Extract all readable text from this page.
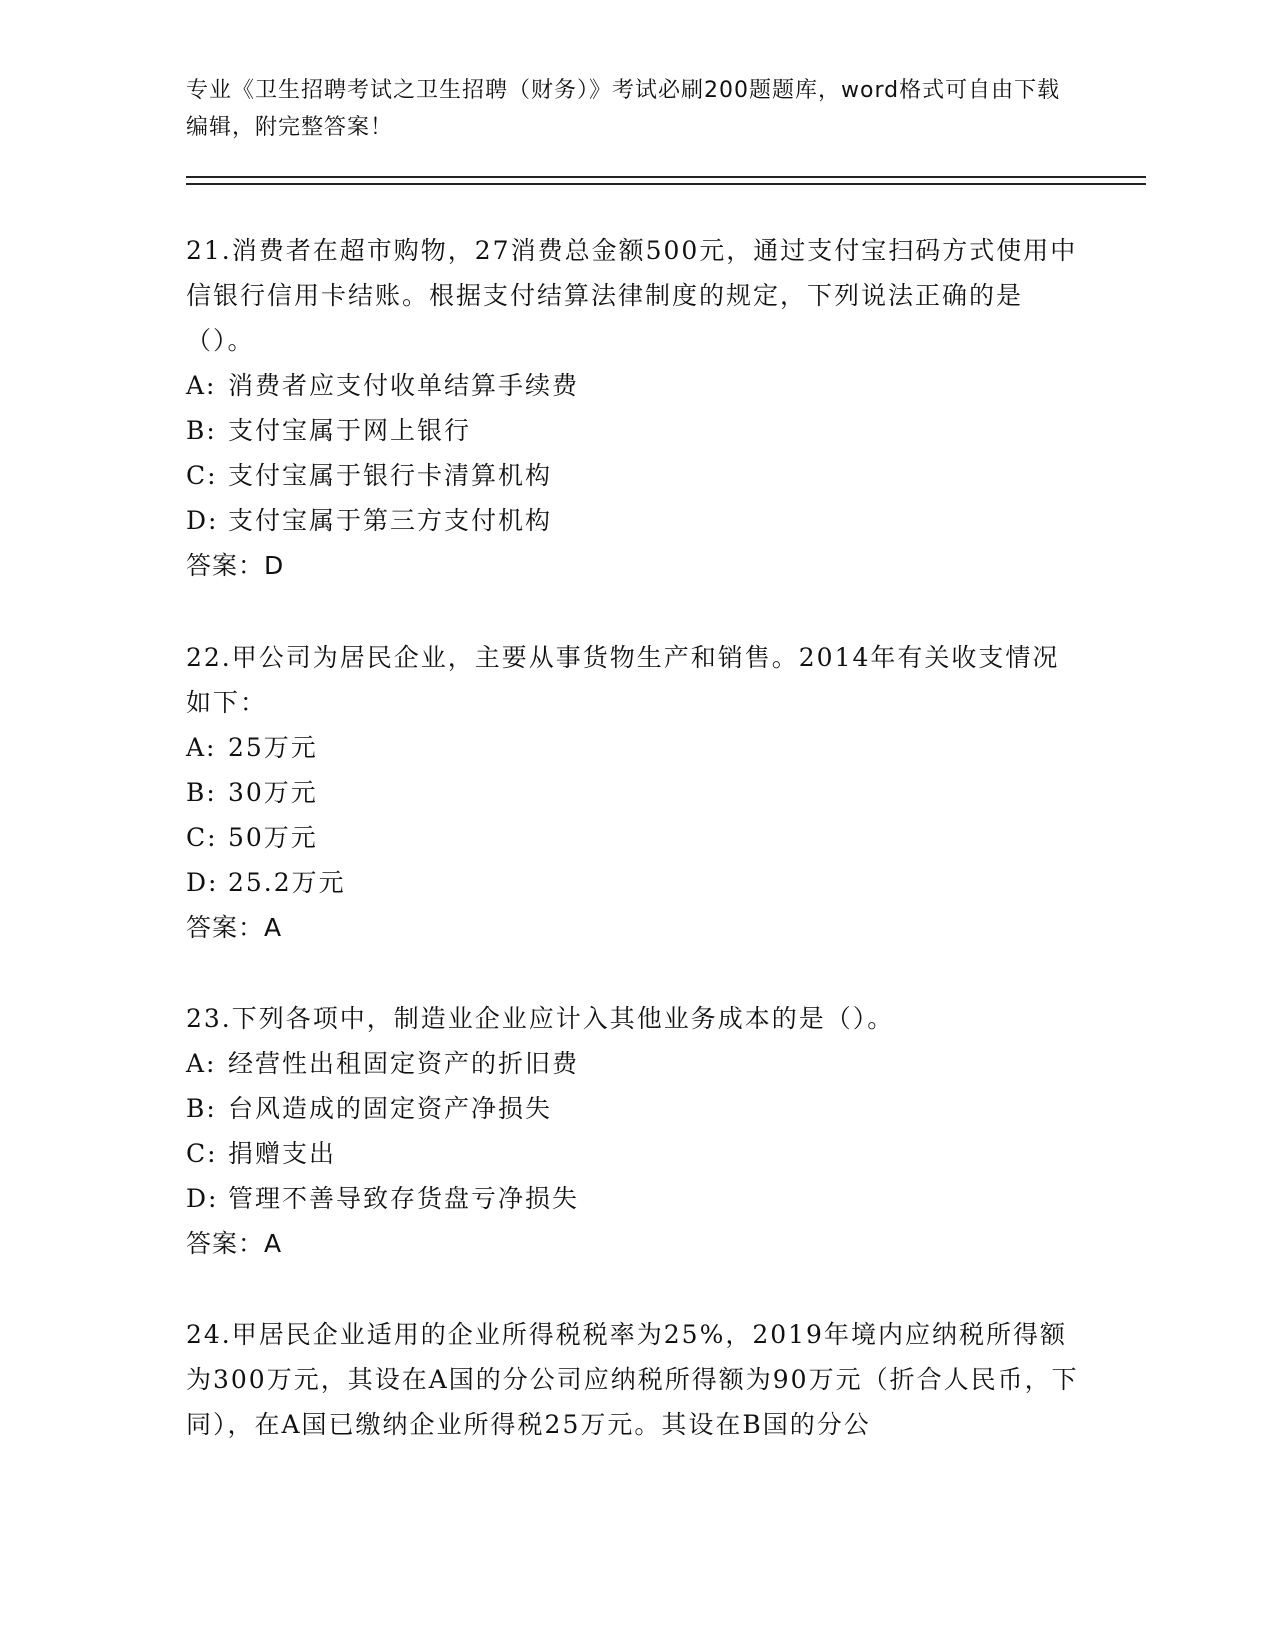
专业《卫生招聘考试之卫生招聘（财务）》考试必刷200题题库，word格式可自由下载编辑，附完整答案！
21.消费者在超市购物，27消费总金额500元，通过支付宝扫码方式使用中信银行信用卡结账。根据支付结算法律制度的规定，下列说法正确的是（）。
A: 消费者应支付收单结算手续费
B: 支付宝属于网上银行
C: 支付宝属于银行卡清算机构
D: 支付宝属于第三方支付机构
答案：D
22.甲公司为居民企业，主要从事货物生产和销售。2014年有关收支情况如下：
A: 25万元
B: 30万元
C: 50万元
D: 25.2万元
答案：A
23.下列各项中，制造业企业应计入其他业务成本的是（）。
A: 经营性出租固定资产的折旧费
B: 台风造成的固定资产净损失
C: 捐赠支出
D: 管理不善导致存货盘亏净损失
答案：A
24.甲居民企业适用的企业所得税税率为25%，2019年境内应纳税所得额为300万元，其设在A国的分公司应纳税所得额为90万元（折合人民币，下同），在A国已缴纳企业所得税25万元。其设在B国的分公
